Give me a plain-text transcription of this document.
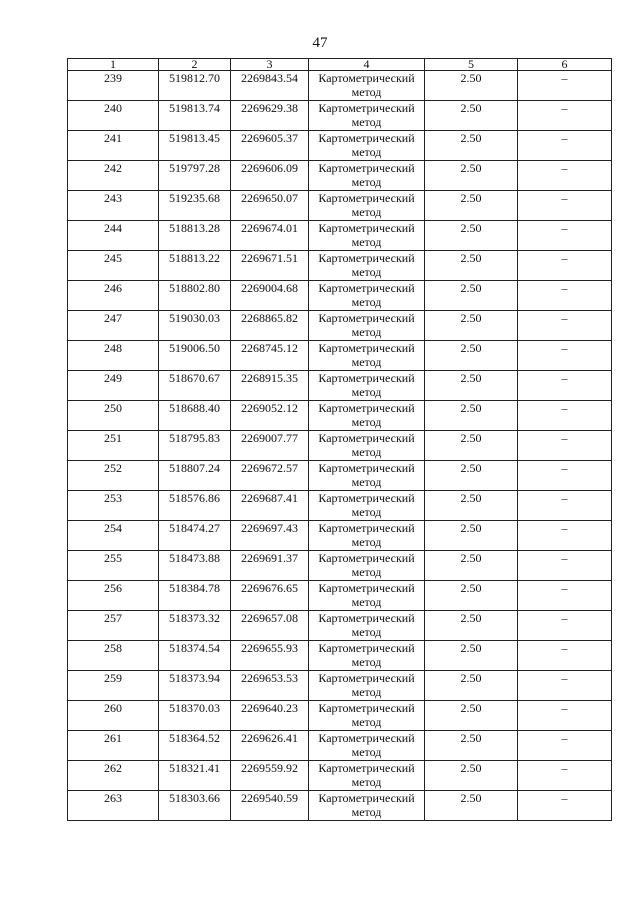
47
1	2	3	4	5	6
239	519812.70	2269843.54	Картометрический метод	2.50	–
240	519813.74	2269629.38	Картометрический метод	2.50	–
241	519813.45	2269605.37	Картометрический метод	2.50	–
242	519797.28	2269606.09	Картометрический метод	2.50	–
243	519235.68	2269650.07	Картометрический метод	2.50	–
244	518813.28	2269674.01	Картометрический метод	2.50	–
245	518813.22	2269671.51	Картометрический метод	2.50	–
246	518802.80	2269004.68	Картометрический метод	2.50	–
247	519030.03	2268865.82	Картометрический метод	2.50	–
248	519006.50	2268745.12	Картометрический метод	2.50	–
249	518670.67	2268915.35	Картометрический метод	2.50	–
250	518688.40	2269052.12	Картометрический метод	2.50	–
251	518795.83	2269007.77	Картометрический метод	2.50	–
252	518807.24	2269672.57	Картометрический метод	2.50	–
253	518576.86	2269687.41	Картометрический метод	2.50	–
254	518474.27	2269697.43	Картометрический метод	2.50	–
255	518473.88	2269691.37	Картометрический метод	2.50	–
256	518384.78	2269676.65	Картометрический метод	2.50	–
257	518373.32	2269657.08	Картометрический метод	2.50	–
258	518374.54	2269655.93	Картометрический метод	2.50	–
259	518373.94	2269653.53	Картометрический метод	2.50	–
260	518370.03	2269640.23	Картометрический метод	2.50	–
261	518364.52	2269626.41	Картометрический метод	2.50	–
262	518321.41	2269559.92	Картометрический метод	2.50	–
263	518303.66	2269540.59	Картометрический метод	2.50	–
